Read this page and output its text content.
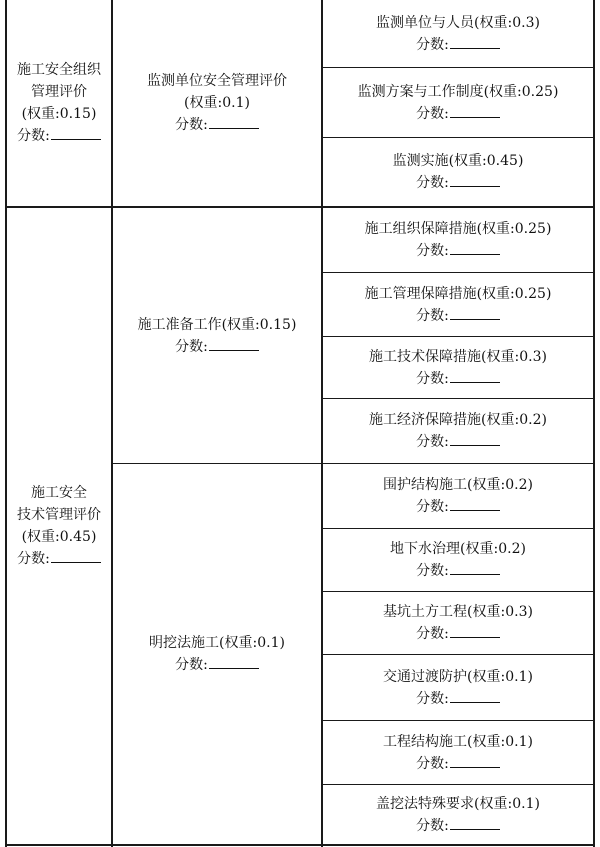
施工安全组织
管理评价
(权重:0.15)
分数:
监测单位安全管理评价
(权重:0.1)
分数:
监测单位与人员(权重:0.3)
分数:
监测方案与工作制度(权重:0.25)
分数:
监测实施(权重:0.45)
分数:
施工安全
技术管理评价
(权重:0.45)
分数:
施工准备工作(权重:0.15)
分数:
明挖法施工(权重:0.1)
分数:
施工组织保障措施(权重:0.25)
分数:
施工管理保障措施(权重:0.25)
分数:
施工技术保障措施(权重:0.3)
分数:
施工经济保障措施(权重:0.2)
分数:
围护结构施工(权重:0.2)
分数:
地下水治理(权重:0.2)
分数:
基坑土方工程(权重:0.3)
分数:
交通过渡防护(权重:0.1)
分数:
工程结构施工(权重:0.1)
分数:
盖挖法特殊要求(权重:0.1)
分数:
